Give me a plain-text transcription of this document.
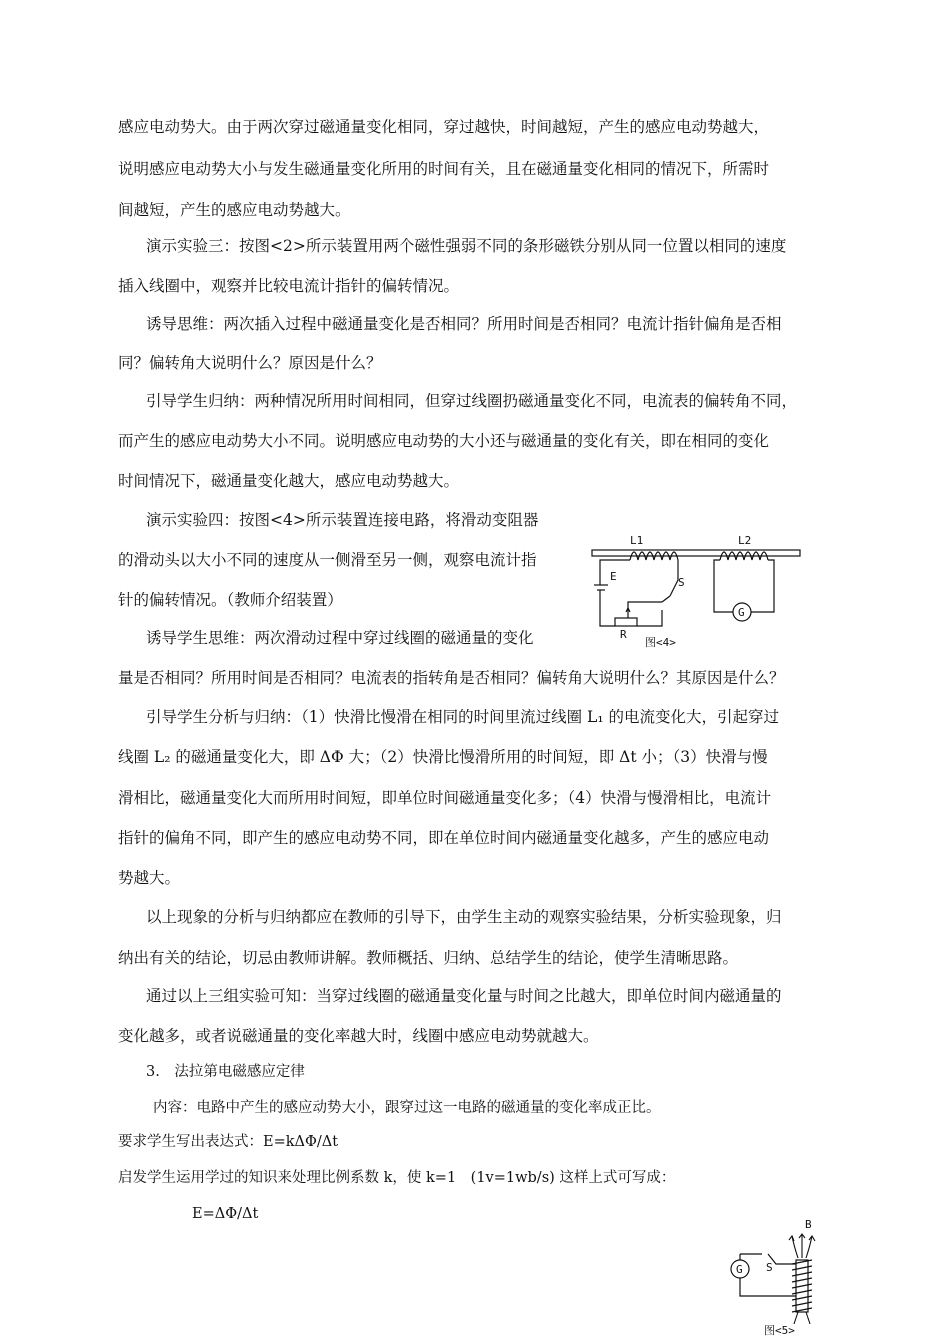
感应电动势大。由于两次穿过磁通量变化相同，穿过越快，时间越短，产生的感应电动势越大，
说明感应电动势大小与发生磁通量变化所用的时间有关，且在磁通量变化相同的情况下，所需时
间越短，产生的感应电动势越大。
演示实验三：按图<2>所示装置用两个磁性强弱不同的条形磁铁分别从同一位置以相同的速度
插入线圈中，观察并比较电流计指针的偏转情况。
诱导思维：两次插入过程中磁通量变化是否相同？所用时间是否相同？电流计指针偏角是否相
同？偏转角大说明什么？原因是什么？
引导学生归纳：两种情况所用时间相同，但穿过线圈扔磁通量变化不同，电流表的偏转角不同，
而产生的感应电动势大小不同。说明感应电动势的大小还与磁通量的变化有关，即在相同的变化
时间情况下，磁通量变化越大，感应电动势越大。
演示实验四：按图<4>所示装置连接电路，将滑动变阻器
的滑动头以大小不同的速度从一侧滑至另一侧，观察电流计指
针的偏转情况。（教师介绍装置）
诱导学生思维：两次滑动过程中穿过线圈的磁通量的变化
量是否相同？所用时间是否相同？电流表的指转角是否相同？偏转角大说明什么？其原因是什么？
引导学生分析与归纳：（1）快滑比慢滑在相同的时间里流过线圈 L₁ 的电流变化大，引起穿过
线圈 L₂ 的磁通量变化大，即 ΔΦ 大；（2）快滑比慢滑所用的时间短，即 Δt 小；（3）快滑与慢
滑相比，磁通量变化大而所用时间短，即单位时间磁通量变化多；（4）快滑与慢滑相比，电流计
指针的偏角不同，即产生的感应电动势不同，即在单位时间内磁通量变化越多，产生的感应电动
势越大。
以上现象的分析与归纳都应在教师的引导下，由学生主动的观察实验结果，分析实验现象，归
纳出有关的结论，切忌由教师讲解。教师概括、归纳、总结学生的结论，使学生清晰思路。
通过以上三组实验可知：当穿过线圈的磁通量变化量与时间之比越大，即单位时间内磁通量的
变化越多，或者说磁通量的变化率越大时，线圈中感应电动势就越大。
3.　法拉第电磁感应定律
内容：电路中产生的感应动势大小，跟穿过这一电路的磁通量的变化率成正比。
要求学生写出表达式：E=kΔΦ/Δt
启发学生运用学过的知识来处理比例系数 k，使 k=1　(1v=1wb/s) 这样上式可写成：
E=ΔΦ/Δt
L1	L2
E	S
R
G
图<4>
B
S
G
图<5>
